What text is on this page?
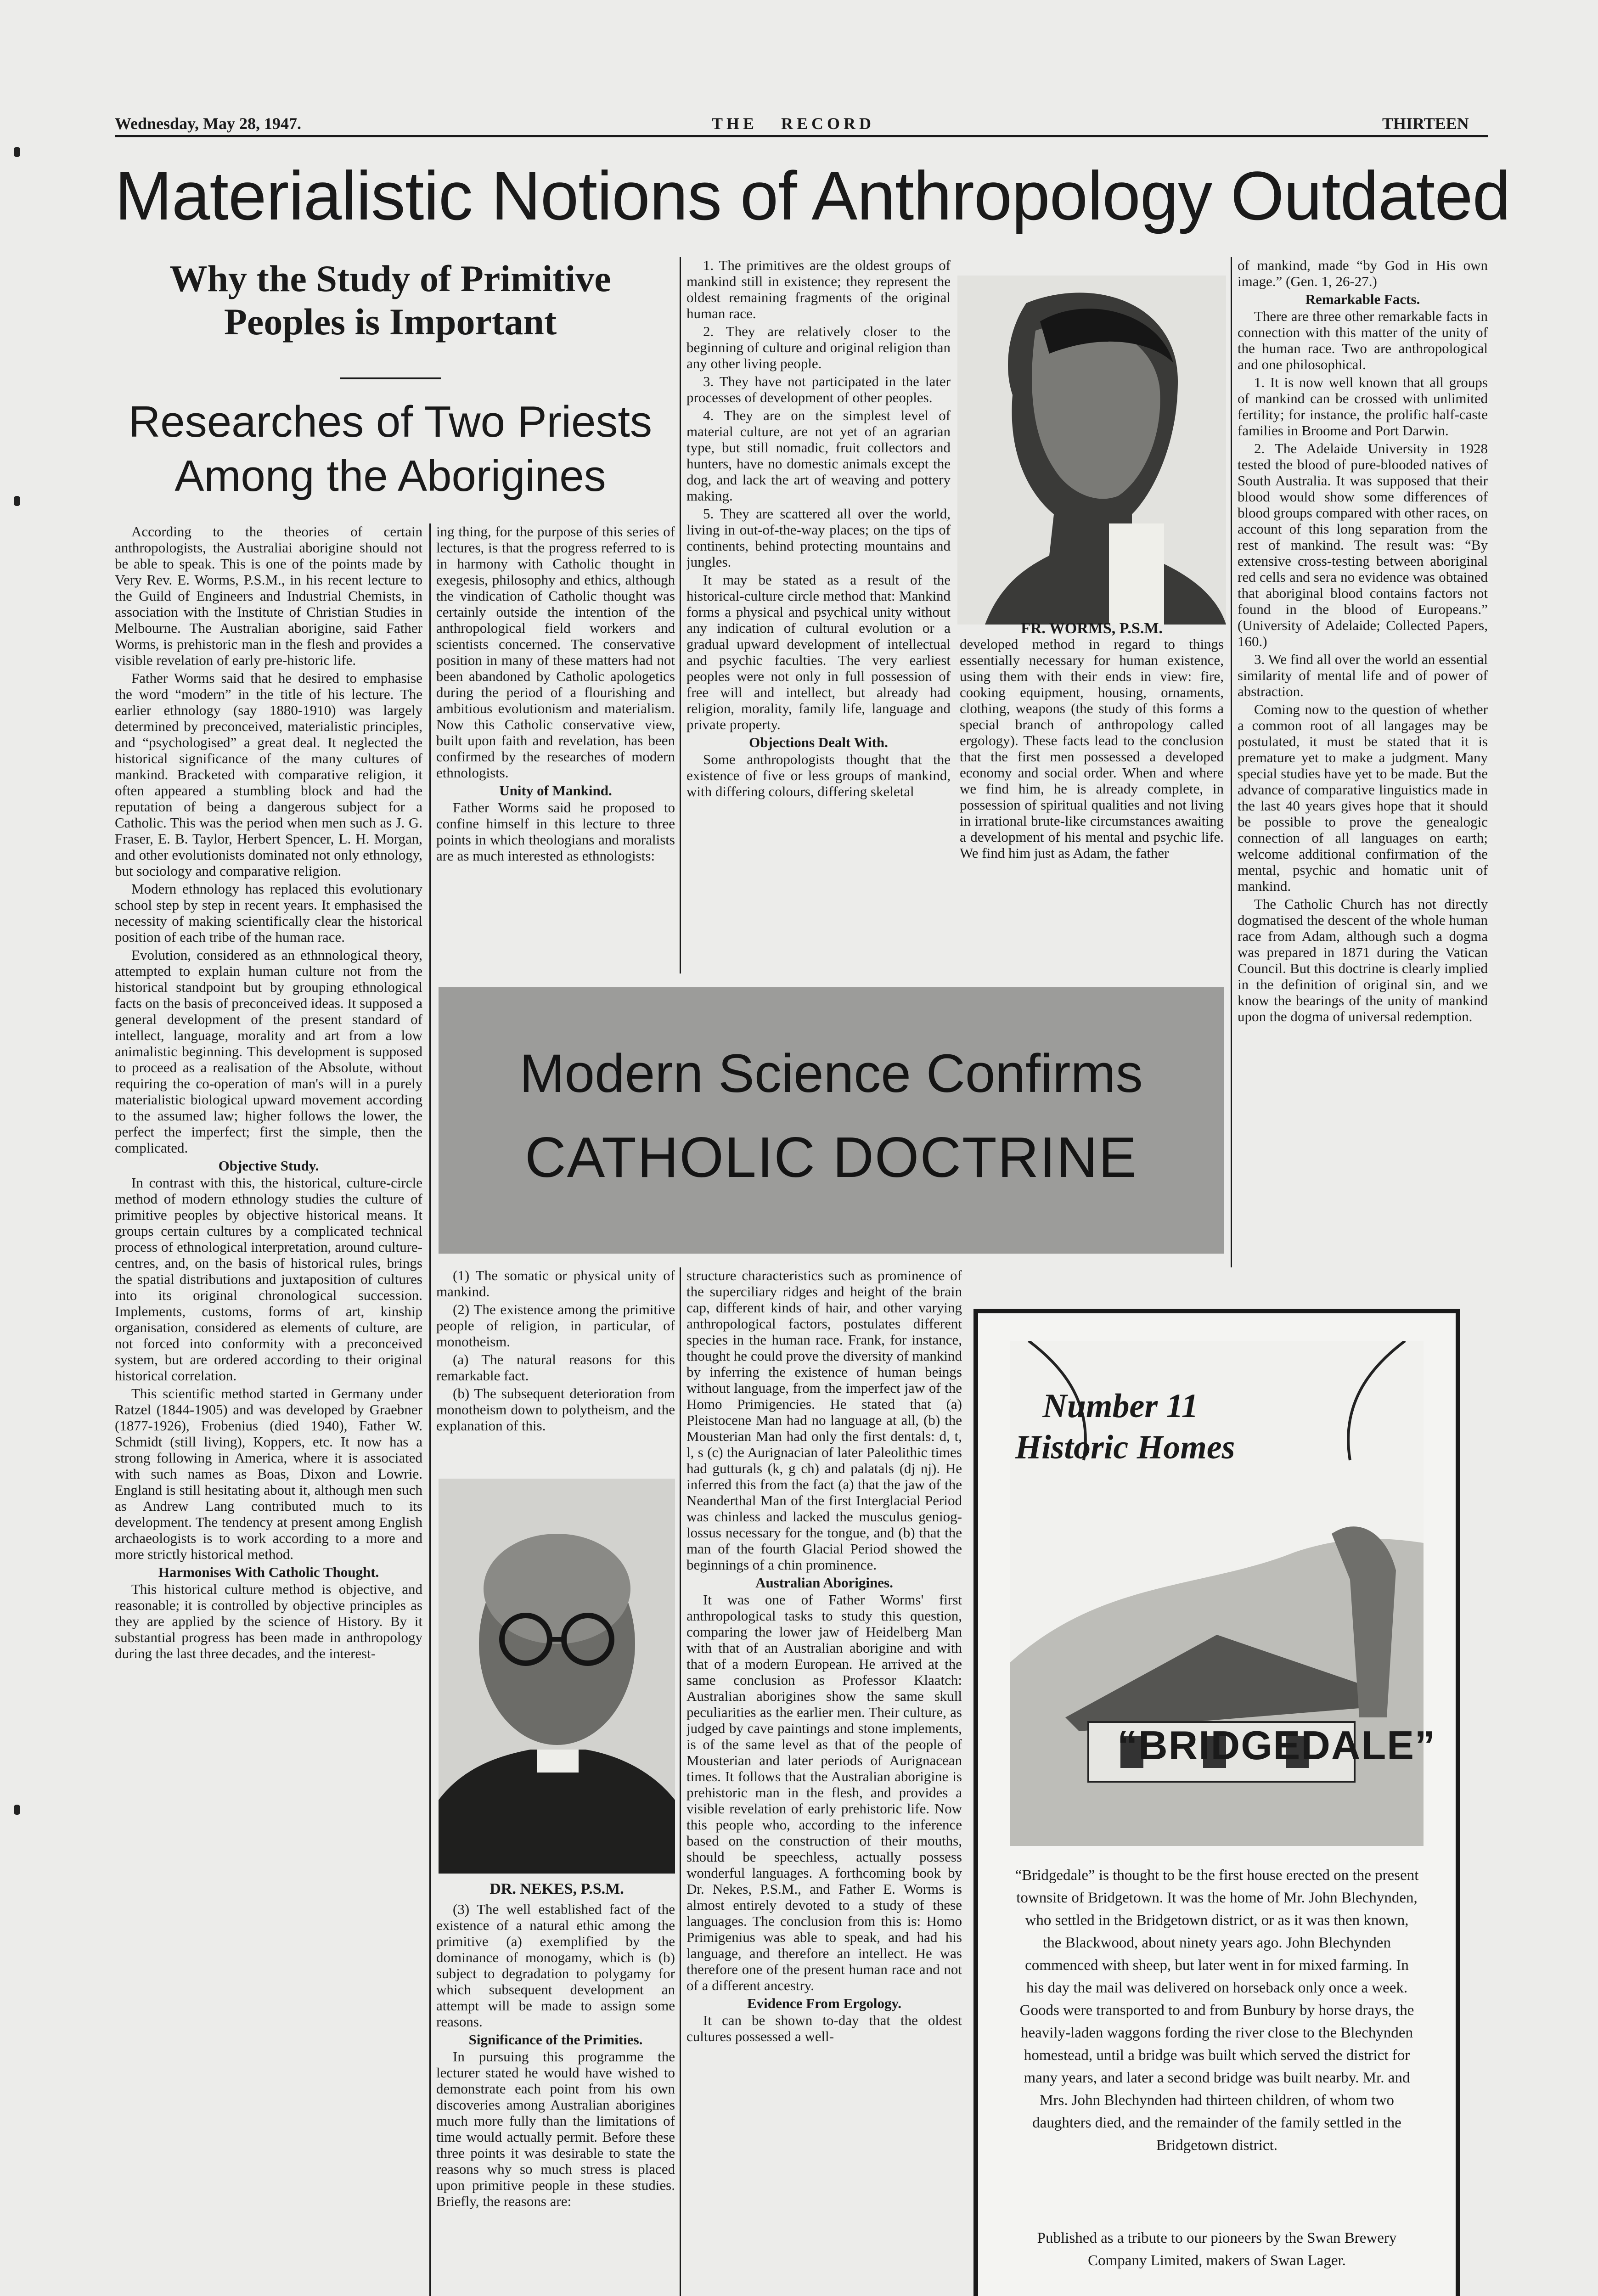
Wednesday, May 28, 1947.	THE   RECORD	THIRTEEN
Materialistic Notions of Anthropology Outdated
Why the Study of Primitive Peoples is Important
Researches of Two Priests Among the Aborigines

According to the theories of certain anthropologists, the Australiai aborigine should not be able to speak. This is one of the points made by Very Rev. E. Worms, P.S.M., in his recent lecture to the Guild of Engineers and Industrial Chemists, in association with the Institute of Christian Studies in Melbourne. The Australian aborigine, said Father Worms, is prehistoric man in the flesh and provides a visible revelation of early pre-historic life.

Father Worms said that he desired to emphasise the word “modern” in the title of his lecture. The earlier ethnology (say 1880-1910) was largely determined by preconceived, materialistic principles, and “psychologised” a great deal. It neglected the historical significance of the many cultures of mankind. Bracketed with comparative religion, it often appeared a stumbling block and had the reputation of being a dangerous subject for a Catholic. This was the period when men such as J. G. Fraser, E. B. Taylor, Herbert Spencer, L. H. Morgan, and other evolutionists dominated not only ethnology, but sociology and comparative religion.

Modern ethnology has replaced this evolutionary school step by step in recent years. It emphasised the necessity of making scientifically clear the historical position of each tribe of the human race.

Evolution, considered as an ethnnological theory, attempted to explain human culture not from the historical standpoint but by grouping ethnological facts on the basis of preconceived ideas. It supposed a general development of the present standard of intellect, language, morality and art from a low animalistic beginning. This development is supposed to proceed as a realisation of the Absolute, without requiring the co-operation of man's will in a purely materialistic biological upward movement according to the assumed law; higher follows the lower, the perfect the imperfect; first the simple, then the complicated.

Objective Study.

In contrast with this, the historical, culture-circle method of modern ethnology studies the culture of primitive peoples by objective historical means. It groups certain cultures by a complicated technical process of ethnological interpretation, around culture-centres, and, on the basis of historical rules, brings the spatial distributions and juxtaposition of cultures into its original chronological succession. Implements, customs, forms of art, kinship organisation, considered as elements of culture, are not forced into conformity with a preconceived system, but are ordered according to their original historical correlation.

This scientific method started in Germany under Ratzel (1844-1905) and was developed by Graebner (1877-1926), Frobenius (died 1940), Father W. Schmidt (still living), Koppers, etc. It now has a strong following in America, where it is associated with such names as Boas, Dixon and Lowrie. England is still hesitating about it, although men such as Andrew Lang contributed much to its development. The tendency at present among English archaeologists is to work according to a more and more strictly historical method.

Harmonises With Catholic Thought.

This historical culture method is objective, and reasonable; it is controlled by objective principles as they are applied by the science of History. By it substantial progress has been made in anthropology during the last three decades, and the interest-

ing thing, for the purpose of this series of lectures, is that the progress referred to is in harmony with Catholic thought in exegesis, philosophy and ethics, although the vindication of Catholic thought was certainly outside the intention of the anthropological field workers and scientists concerned. The conservative position in many of these matters had not been abandoned by Catholic apologetics during the period of a flourishing and ambitious evolutionism and materialism. Now this Catholic conservative view, built upon faith and revelation, has been confirmed by the researches of modern ethnologists.

Unity of Mankind.

Father Worms said he proposed to confine himself in this lecture to three points in which theologians and moralists are as much interested as ethnologists:

1. The primitives are the oldest groups of mankind still in existence; they represent the oldest remaining fragments of the original human race.

2. They are relatively closer to the beginning of culture and original religion than any other living people.

3. They have not participated in the later processes of development of other peoples.

4. They are on the simplest level of material culture, are not yet of an agrarian type, but still nomadic, fruit collectors and hunters, have no domestic animals except the dog, and lack the art of weaving and pottery making.

5. They are scattered all over the world, living in out-of-the-way places; on the tips of continents, behind protecting mountains and jungles.

It may be stated as a result of the historical-culture circle method that: Mankind forms a physical and psychical unity without any indication of cultural evolution or a gradual upward development of intellectual and psychic faculties. The very earliest peoples were not only in full possession of free will and intellect, but already had religion, morality, family life, language and private property.

Objections Dealt With.

Some anthropologists thought that the existence of five or less groups of mankind, with differing colours, differing skeletal

developed method in regard to things essentially necessary for human existence, using them with their ends in view: fire, cooking equipment, housing, ornaments, clothing, weapons (the study of this forms a special branch of anthropology called ergology). These facts lead to the conclusion that the first men possessed a developed economy and social order. When and where we find him, he is already complete, in possession of spiritual qualities and not living in irrational brute-like circumstances awaiting a development of his mental and psychic life. We find him just as Adam, the father

of mankind, made “by God in His own image.” (Gen. 1, 26-27.)

Remarkable Facts.

There are three other remarkable facts in connection with this matter of the unity of the human race. Two are anthropological and one philosophical.

1. It is now well known that all groups of mankind can be crossed with unlimited fertility; for instance, the prolific half-caste families in Broome and Port Darwin.

2. The Adelaide University in 1928 tested the blood of pure-blooded natives of South Australia. It was supposed that their blood would show some differences of blood groups compared with other races, on account of this long separation from the rest of mankind. The result was: “By extensive cross-testing between aboriginal red cells and sera no evidence was obtained that aboriginal blood contains factors not found in the blood of Europeans.” (University of Adelaide; Collected Papers, 160.)

3. We find all over the world an essential similarity of mental life and of power of abstraction.

Coming now to the question of whether a common root of all langages may be postulated, it must be stated that it is premature yet to make a judgment. Many special studies have yet to be made. But the advance of comparative linguistics made in the last 40 years gives hope that it should be possible to prove the genealogic connection of all languages on earth; welcome additional confirmation of the mental, psychic and homatic unit of mankind.

The Catholic Church has not directly dogmatised the descent of the whole human race from Adam, although such a dogma was prepared in 1871 during the Vatican Council. But this doctrine is clearly implied in the definition of original sin, and we know the bearings of the unity of mankind upon the dogma of universal redemption.

(1) The somatic or physical unity of mankind.

(2) The existence among the primitive people of religion, in particular, of monotheism.

(a) The natural reasons for this remarkable fact.

(b) The subsequent deterioration from monotheism down to polytheism, and the explanation of this.

(3) The well established fact of the existence of a natural ethic among the primitive (a) exemplified by the dominance of monogamy, which is (b) subject to degradation to polygamy for which subsequent development an attempt will be made to assign some reasons.

Significance of the Primities.

In pursuing this programme the lecturer stated he would have wished to demonstrate each point from his own discoveries among Australian aborigines much more fully than the limitations of time would actually permit. Before these three points it was desirable to state the reasons why so much stress is placed upon primitive people in these studies. Briefly, the reasons are:

structure characteristics such as prominence of the superciliary ridges and height of the brain cap, different kinds of hair, and other varying anthropological factors, postulates different species in the human race. Frank, for instance, thought he could prove the diversity of mankind by inferring the existence of human beings without language, from the imperfect jaw of the Homo Primigencies. He stated that (a) Pleistocene Man had no language at all, (b) the Mousterian Man had only the first dentals: d, t, l, s (c) the Aurignacian of later Paleolithic times had gutturals (k, g ch) and palatals (dj nj). He inferred this from the fact (a) that the jaw of the Neanderthal Man of the first Interglacial Period was chinless and lacked the musculus genioglossus necessary for the tongue, and (b) that the man of the fourth Glacial Period showed the beginnings of a chin prominence.

Australian Aborigines.

It was one of Father Worms' first anthropological tasks to study this question, comparing the lower jaw of Heidelberg Man with that of an Australian aborigine and with that of a modern European. He arrived at the same conclusion as Professor Klaatch: Australian aborigines show the same skull peculiarities as the earlier men. Their culture, as judged by cave paintings and stone implements, is of the same level as that of the people of Mousterian and later periods of Aurignacean times. It follows that the Australian aborigine is prehistoric man in the flesh, and provides a visible revelation of early prehistoric life. Now this people who, according to the inference based on the construction of their mouths, should be speechless, actually possess wonderful languages. A forthcoming book by Dr. Nekes, P.S.M., and Father E. Worms is almost entirely devoted to a study of these languages. The conclusion from this is: Homo Primigenius was able to speak, and had his language, and therefore an intellect. He was therefore one of the present human race and not of a different ancestry.

Evidence From Ergology.

It can be shown to-day that the oldest cultures possessed a well-

FR. WORMS, P.S.M.
Modern Science Confirms
CATHOLIC DOCTRINE
DR. NEKES, P.S.M.
Number 11
Historic Homes
“BRIDGEDALE”
“Bridgedale” is thought to be the first house erected on the present townsite of Bridgetown. It was the home of Mr. John Blechynden, who settled in the Bridgetown district, or as it was then known, the Blackwood, about ninety years ago. John Blechynden commenced with sheep, but later went in for mixed farming. In his day the mail was delivered on horseback only once a week. Goods were transported to and from Bunbury by horse drays, the heavily-laden waggons fording the river close to the Blechynden homestead, until a bridge was built which served the district for many years, and later a second bridge was built nearby. Mr. and Mrs. John Blechynden had thirteen children, of whom two daughters died, and the remainder of the family settled in the Bridgetown district.
Published as a tribute to our pioneers by the Swan Brewery Company Limited, makers of Swan Lager.
